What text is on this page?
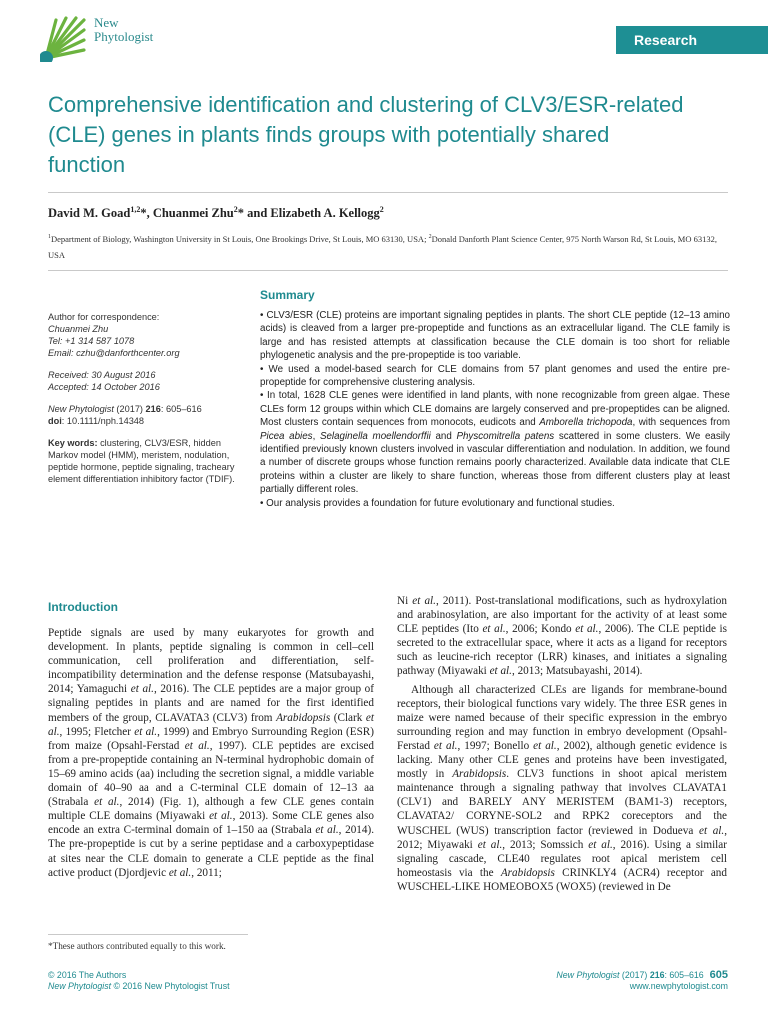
New
Phytologist	Research
Comprehensive identification and clustering of CLV3/ESR-related (CLE) genes in plants finds groups with potentially shared function
David M. Goad$^{1,2}$*, Chuanmei Zhu$^2$* and Elizabeth A. Kellogg$^2$
$^1$Department of Biology, Washington University in St Louis, One Brookings Drive, St Louis, MO 63130, USA; $^2$Donald Danforth Plant Science Center, 975 North Warson Rd, St Louis, MO 63132, USA
Author for correspondence:
Chuanmei Zhu
Tel: +1 314 587 1078
Email: czhu@danforthcenter.org
Received: 30 August 2016
Accepted: 14 October 2016
New Phytologist (2017) 216: 605–616
doi: 10.1111/nph.14348
Key words: clustering, CLV3/ESR, hidden Markov model (HMM), meristem, nodulation, peptide hormone, peptide signaling, tracheary element differentiation inhibitory factor (TDIF).
Summary

• CLV3/ESR (CLE) proteins are important signaling peptides in plants. The short CLE peptide (12–13 amino acids) is cleaved from a larger pre-propeptide and functions as an extracellular ligand. The CLE family is large and has resisted attempts at classification because the CLE domain is too short for reliable phylogenetic analysis and the pre-propeptide is too variable.

• We used a model-based search for CLE domains from 57 plant genomes and used the entire pre-propeptide for comprehensive clustering analysis.

• In total, 1628 CLE genes were identified in land plants, with none recognizable from green algae. These CLEs form 12 groups within which CLE domains are largely conserved and pre-propeptides can be aligned. Most clusters contain sequences from monocots, eudicots and Amborella trichopoda, with sequences from Picea abies, Selaginella moellendorffii and Physcomitrella patens scattered in some clusters. We easily identified previously known clusters involved in vascular differentiation and nodulation. In addition, we found a number of discrete groups whose function remains poorly characterized. Available data indicate that CLE proteins within a cluster are likely to share function, whereas those from different clusters play at least partially different roles.

• Our analysis provides a foundation for future evolutionary and functional studies.

Introduction

Peptide signals are used by many eukaryotes for growth and development. In plants, peptide signaling is common in cell–cell communication, cell proliferation and differentiation, self-incompatibility determination and the defense response (Matsubayashi, 2014; Yamaguchi et al., 2016). The CLE peptides are a major group of signaling peptides in plants and are named for the first identified members of the group, CLAVATA3 (CLV3) from Arabidopsis (Clark et al., 1995; Fletcher et al., 1999) and Embryo Surrounding Region (ESR) from maize (Opsahl-Ferstad et al., 1997). CLE peptides are excised from a pre-propeptide containing an N-terminal hydrophobic domain of 15–69 amino acids (aa) including the secretion signal, a middle variable domain of 40–90 aa and a C-terminal CLE domain of 12–13 aa (Strabala et al., 2014) (Fig. 1), although a few CLE genes contain multiple CLE domains (Miyawaki et al., 2013). Some CLE genes also encode an extra C-terminal domain of 1–150 aa (Strabala et al., 2014). The pre-propeptide is cut by a serine peptidase and a carboxypeptidase at sites near the CLE domain to generate a CLE peptide as the final active product (Djordjevic et al., 2011;

Ni et al., 2011). Post-translational modifications, such as hydroxylation and arabinosylation, are also important for the activity of at least some CLE peptides (Ito et al., 2006; Kondo et al., 2006). The CLE peptide is secreted to the extracellular space, where it acts as a ligand for receptors such as leucine-rich receptor (LRR) kinases, and initiates a signaling pathway (Miyawaki et al., 2013; Matsubayashi, 2014).

Although all characterized CLEs are ligands for membrane-bound receptors, their biological functions vary widely. The three ESR genes in maize were named because of their specific expression in the embryo surrounding region and may function in embryo development (Opsahl-Ferstad et al., 1997; Bonello et al., 2002), although genetic evidence is lacking. Many other CLE genes and proteins have been investigated, mostly in Arabidopsis. CLV3 functions in shoot apical meristem maintenance through a signaling pathway that involves CLAVATA1 (CLV1) and BARELY ANY MERISTEM (BAM1-3) receptors, CLAVATA2/ CORYNE-SOL2 and RPK2 coreceptors and the WUSCHEL (WUS) transcription factor (reviewed in Dodueva et al., 2012; Miyawaki et al., 2013; Somssich et al., 2016). Using a similar signaling cascade, CLE40 regulates root apical meristem cell homeostasis via the Arabidopsis CRINKLY4 (ACR4) receptor and WUSCHEL-LIKE HOMEOBOX5 (WOX5) (reviewed in De

*These authors contributed equally to this work.
© 2016 The Authors
New Phytologist © 2016 New Phytologist Trust
New Phytologist (2017) 216: 605–616 605
www.newphytologist.com
